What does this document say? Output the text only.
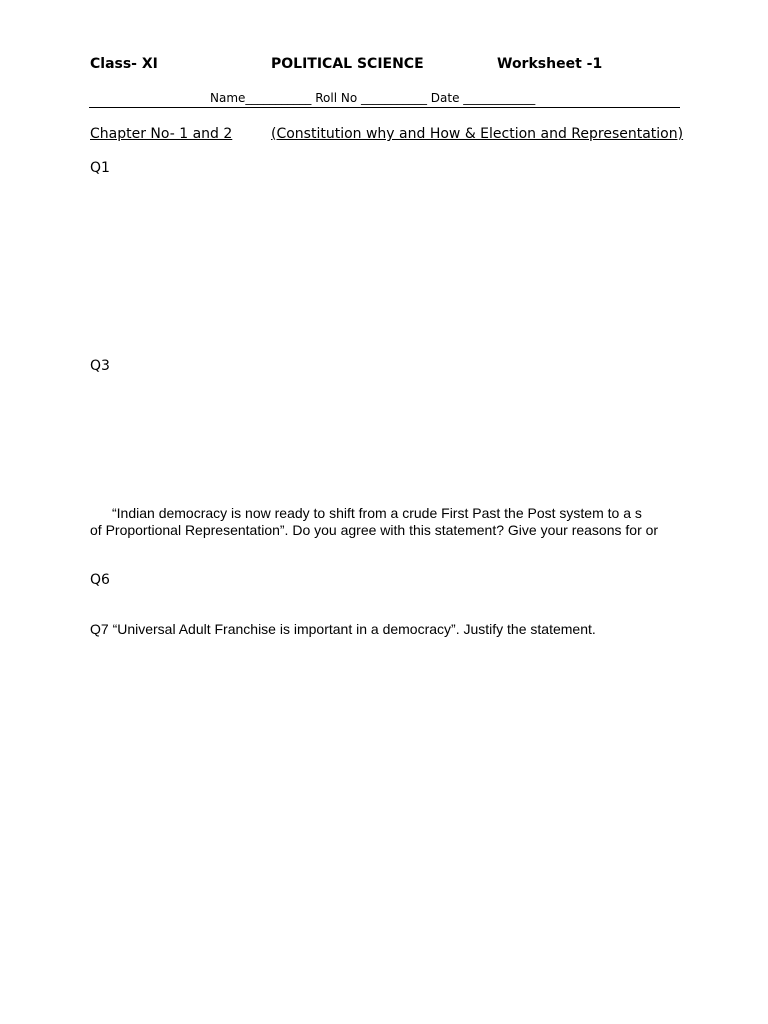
Class- XI	POLITICAL SCIENCE	Worksheet -1
Name___________ Roll No ___________ Date ____________
Chapter No- 1 and 2	(Constitution why and How & Election and Representation)
Q1
Q3
“Indian democracy is now ready to shift from a crude First Past the Post system to a s
of Proportional Representation”. Do you agree with this statement? Give your reasons for or
Q6
Q7 “Universal Adult Franchise is important in a democracy”. Justify the statement.
